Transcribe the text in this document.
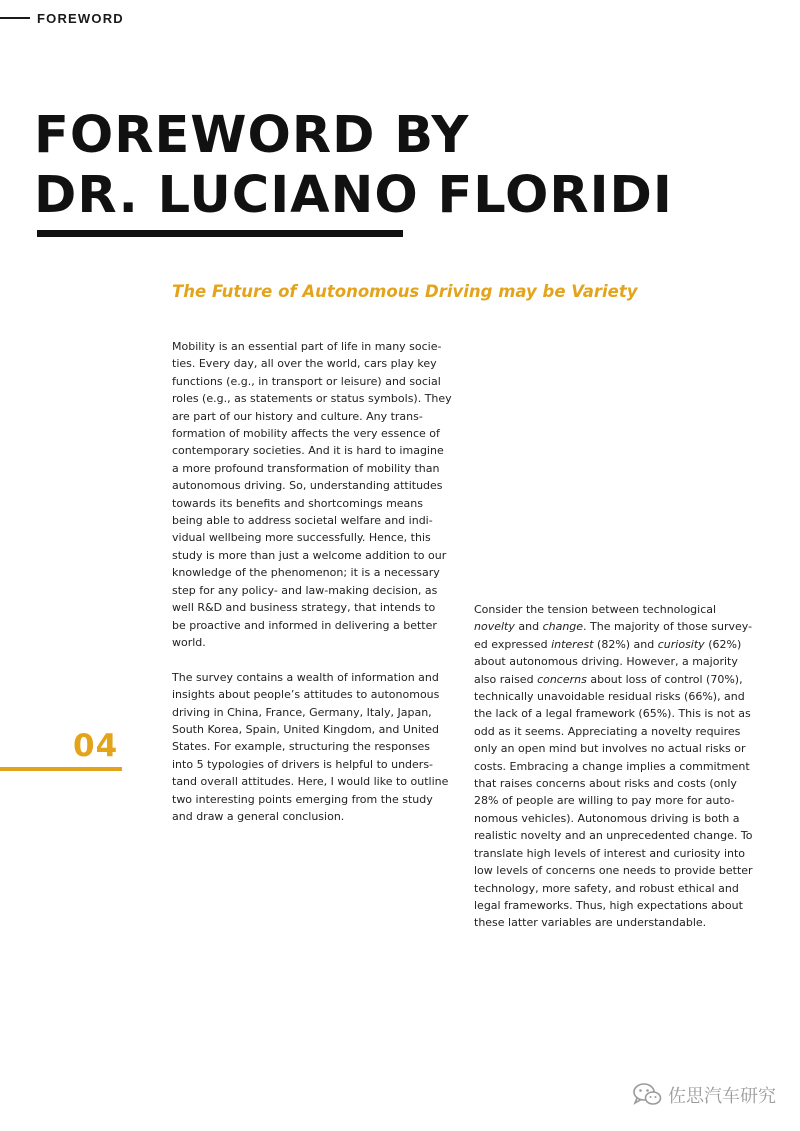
FOREWORD
FOREWORD BY
DR. LUCIANO FLORIDI
The Future of Autonomous Driving may be Variety

Mobility is an essential part of life in many socie-
ties. Every day, all over the world, cars play key
functions (e.g., in transport or leisure) and social
roles (e.g., as statements or status symbols). They
are part of our history and culture. Any trans-
formation of mobility affects the very essence of
contemporary societies. And it is hard to imagine
a more profound transformation of mobility than
autonomous driving. So, understanding attitudes
towards its benefits and shortcomings means
being able to address societal welfare and indi-
vidual wellbeing more successfully. Hence, this
study is more than just a welcome addition to our
knowledge of the phenomenon; it is a necessary
step for any policy- and law-making decision, as
well R&D and business strategy, that intends to
be proactive and informed in delivering a better
world.

The survey contains a wealth of information and
insights about people’s attitudes to autonomous
driving in China, France, Germany, Italy, Japan,
South Korea, Spain, United Kingdom, and United
States. For example, structuring the responses
into 5 typologies of drivers is helpful to unders-
tand overall attitudes. Here, I would like to outline
two interesting points emerging from the study
and draw a general conclusion.

Consider the tension between technological
novelty and change. The majority of those survey-
ed expressed interest (82%) and curiosity (62%)
about autonomous driving. However, a majority
also raised concerns about loss of control (70%),
technically unavoidable residual risks (66%), and
the lack of a legal framework (65%). This is not as
odd as it seems. Appreciating a novelty requires
only an open mind but involves no actual risks or
costs. Embracing a change implies a commitment
that raises concerns about risks and costs (only
28% of people are willing to pay more for auto-
nomous vehicles). Autonomous driving is both a
realistic novelty and an unprecedented change. To
translate high levels of interest and curiosity into
low levels of concerns one needs to provide better
technology, more safety, and robust ethical and
legal frameworks. Thus, high expectations about
these latter variables are understandable.

04
佐思汽车研究
